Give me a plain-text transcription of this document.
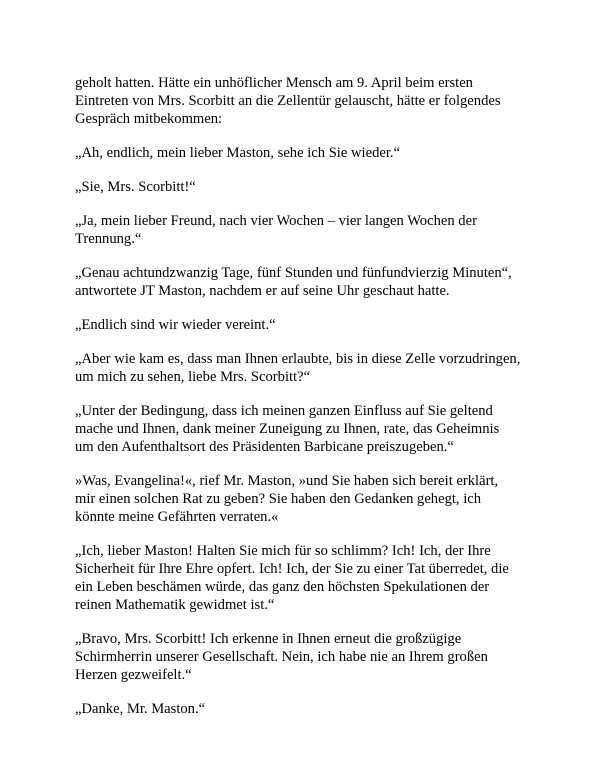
geholt hatten. Hätte ein unhöflicher Mensch am 9. April beim ersten
Eintreten von Mrs. Scorbitt an die Zellentür gelauscht, hätte er folgendes
Gespräch mitbekommen:

„Ah, endlich, mein lieber Maston, sehe ich Sie wieder.“

„Sie, Mrs. Scorbitt!“

„Ja, mein lieber Freund, nach vier Wochen – vier langen Wochen der
Trennung.“

„Genau achtundzwanzig Tage, fünf Stunden und fünfundvierzig Minuten“,
antwortete JT Maston, nachdem er auf seine Uhr geschaut hatte.

„Endlich sind wir wieder vereint.“

„Aber wie kam es, dass man Ihnen erlaubte, bis in diese Zelle vorzudringen,
um mich zu sehen, liebe Mrs. Scorbitt?“

„Unter der Bedingung, dass ich meinen ganzen Einfluss auf Sie geltend
mache und Ihnen, dank meiner Zuneigung zu Ihnen, rate, das Geheimnis
um den Aufenthaltsort des Präsidenten Barbicane preiszugeben.“

»Was, Evangelina!«, rief Mr. Maston, »und Sie haben sich bereit erklärt,
mir einen solchen Rat zu geben? Sie haben den Gedanken gehegt, ich
könnte meine Gefährten verraten.«

„Ich, lieber Maston! Halten Sie mich für so schlimm? Ich! Ich, der Ihre
Sicherheit für Ihre Ehre opfert. Ich! Ich, der Sie zu einer Tat überredet, die
ein Leben beschämen würde, das ganz den höchsten Spekulationen der
reinen Mathematik gewidmet ist.“

„Bravo, Mrs. Scorbitt! Ich erkenne in Ihnen erneut die großzügige
Schirmherrin unserer Gesellschaft. Nein, ich habe nie an Ihrem großen
Herzen gezweifelt.“

„Danke, Mr. Maston.“
